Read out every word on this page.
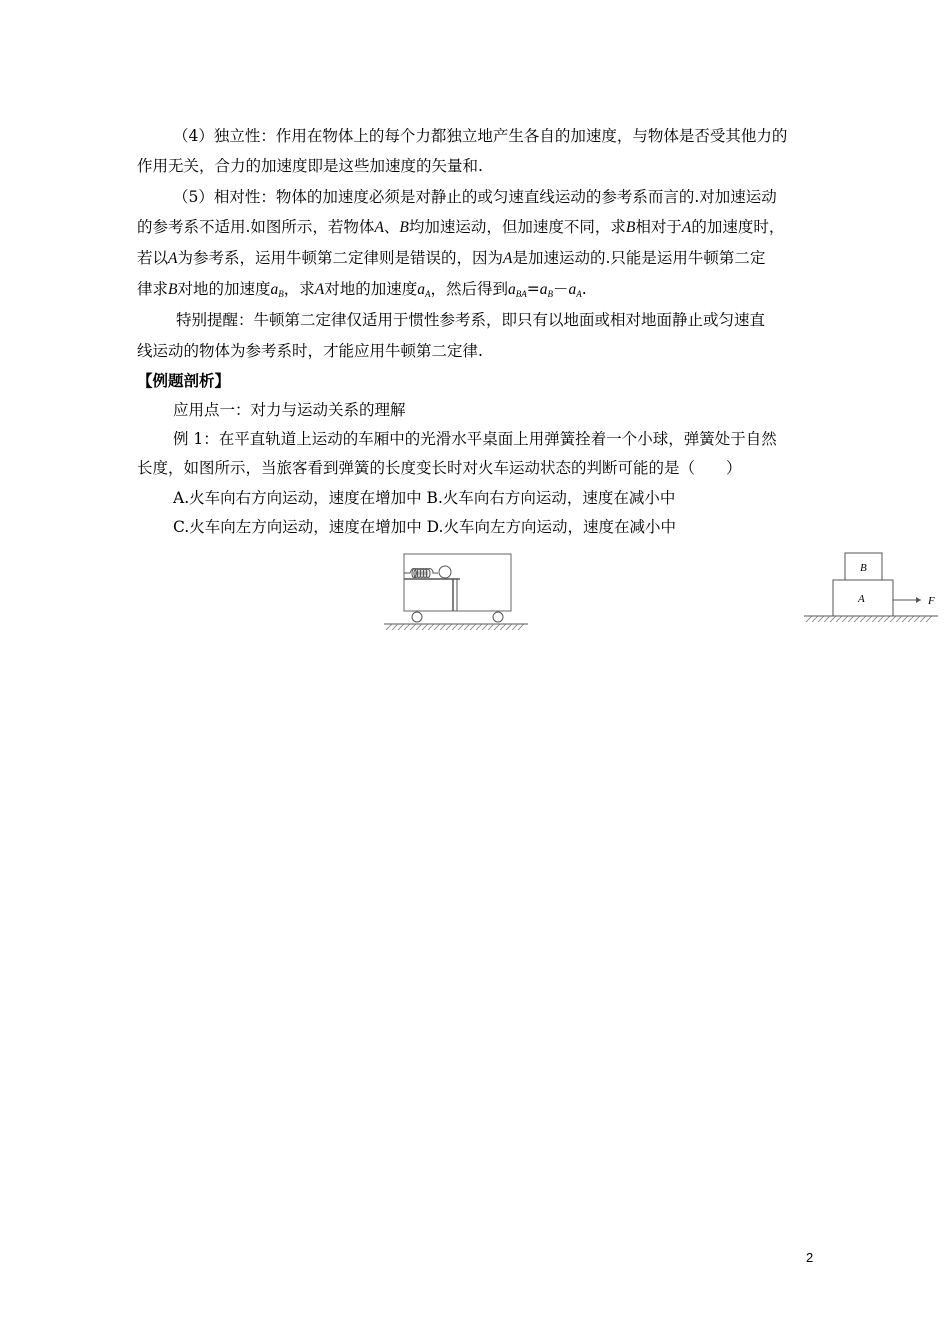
（4）独立性：作用在物体上的每个力都独立地产生各自的加速度，与物体是否受其他力的
作用无关，合力的加速度即是这些加速度的矢量和.
（5）相对性：物体的加速度必须是对静止的或匀速直线运动的参考系而言的.对加速运动
的参考系不适用.如图所示，若物体A、B均加速运动，但加速度不同，求B相对于A的加速度时，
若以A为参考系，运用牛顿第二定律则是错误的，因为A是加速运动的.只能是运用牛顿第二定
律求B对地的加速度$a_B$，求A对地的加速度$a_A$，然后得到$a_{BA}=a_B-a_A$.
特别提醒：牛顿第二定律仅适用于惯性参考系，即只有以地面或相对地面静止或匀速直
线运动的物体为参考系时，才能应用牛顿第二定律.
【例题剖析】
应用点一：对力与运动关系的理解
例 1：在平直轨道上运动的车厢中的光滑水平桌面上用弹簧拴着一个小球，弹簧处于自然
长度，如图所示，当旅客看到弹簧的长度变长时对火车运动状态的判断可能的是（　　）
A.火车向右方向运动，速度在增加中 B.火车向右方向运动，速度在减小中
C.火车向左方向运动，速度在增加中 D.火车向左方向运动，速度在减小中
B
A	F
2
